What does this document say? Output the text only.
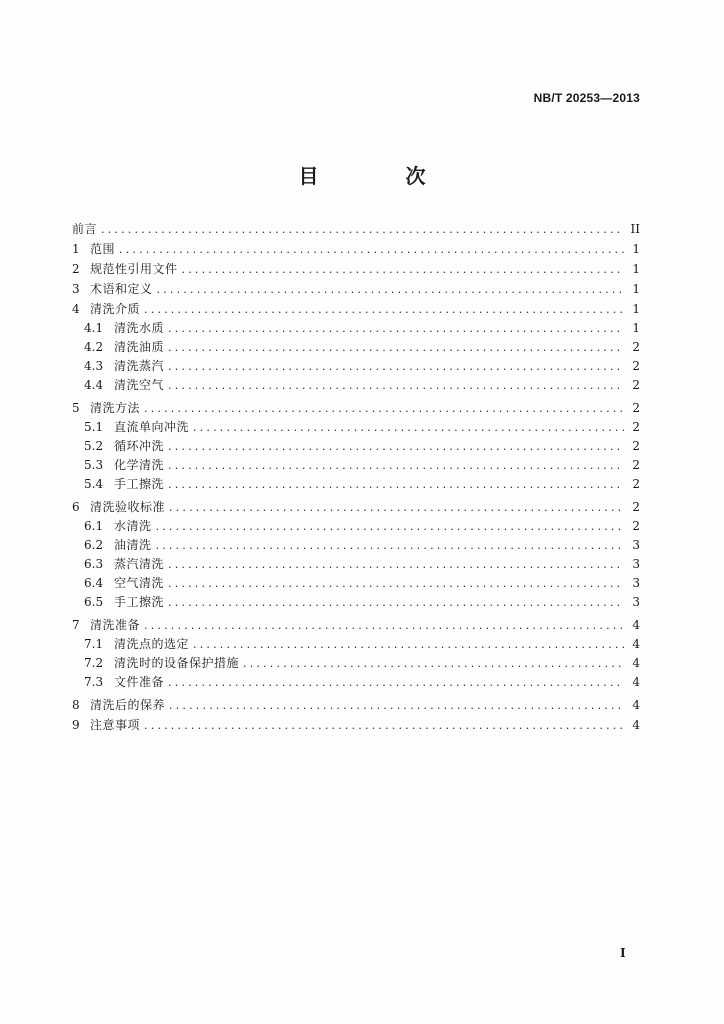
NB/T 20253—2013
目 次
前言 .....	II
1 范围 .....	1
2 规范性引用文件 .....	1
3 术语和定义 .....	1
4 清洗介质 .....	1
4.1 清洗水质 .....	1
4.2 清洗油质 .....	2
4.3 清洗蒸汽 .....	2
4.4 清洗空气 .....	2
5 清洗方法 .....	2
5.1 直流单向冲洗 .....	2
5.2 循环冲洗 .....	2
5.3 化学清洗 .....	2
5.4 手工擦洗 .....	2
6 清洗验收标准 .....	2
6.1 水清洗 .....	2
6.2 油清洗 .....	3
6.3 蒸汽清洗 .....	3
6.4 空气清洗 .....	3
6.5 手工擦洗 .....	3
7 清洗准备 .....	4
7.1 清洗点的选定 .....	4
7.2 清洗时的设备保护措施 .....	4
7.3 文件准备 .....	4
8 清洗后的保养 .....	4
9 注意事项 .....	4
I
